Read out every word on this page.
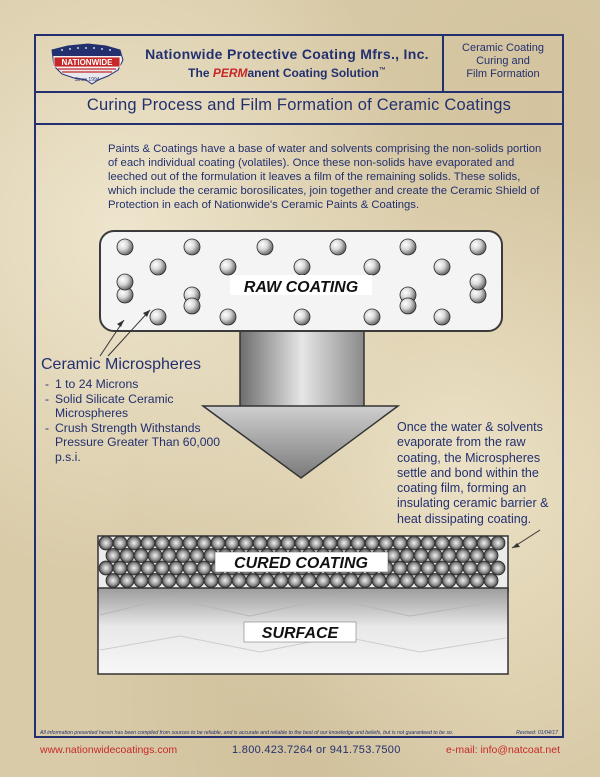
NATIONWIDE
Since 1994
Nationwide Protective Coating Mfrs., Inc.
The PERManent Coating Solution™
Ceramic Coating
Curing and
Film Formation
Curing Process and Film Formation of Ceramic Coatings

Paints & Coatings have a base of water and solvents comprising the non-solids portion of each individual coating (volatiles). Once these non-solids have evaporated and leeched out of the formulation it leaves a film of the remaining solids. These solids, which include the ceramic borosilicates, join together and create the Ceramic Shield of Protection in each of Nationwide's Ceramic Paints & Coatings.

RAW COATING
CURED COATING
SURFACE
Ceramic Microspheres
- 1 to 24 Microns
- Solid Silicate Ceramic Microspheres
- Crush Strength Withstands Pressure Greater Than 60,000 p.s.i.

Once the water & solvents evaporate from the raw coating, the Microspheres settle and bond within the coating film, forming an insulating ceramic barrier & heat dissipating coating.

All information presented herein has been compiled from sources to be reliable, and is accurate and reliable to the best of our knowledge and beliefs, but is not guaranteed to be so.	Revised: 01/04/17
www.nationwidecoatings.com	1.800.423.7264 or 941.753.7500	e-mail: info@natcoat.net
